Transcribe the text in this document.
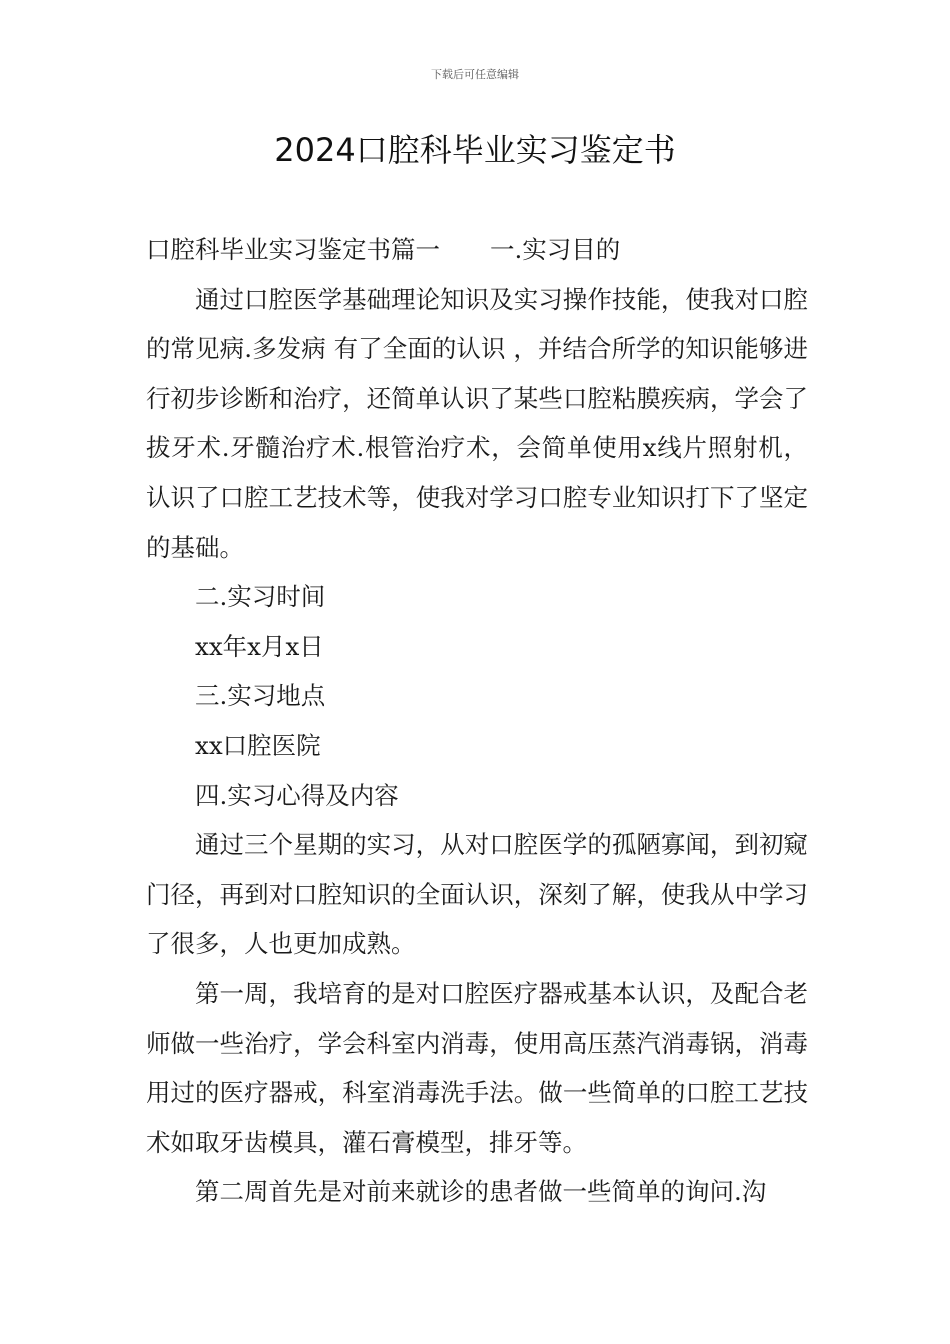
下载后可任意编辑
2024口腔科毕业实习鉴定书

口腔科毕业实习鉴定书篇一 一.实习目的

通过口腔医学基础理论知识及实习操作技能，使我对口腔的常见病.多发病 有了全面的认识 ，并结合所学的知识能够进行初步诊断和治疗，还简单认识了某些口腔粘膜疾病，学会了拔牙术.牙髓治疗术.根管治疗术，会简单使用x线片照射机，认识了口腔工艺技术等，使我对学习口腔专业知识打下了坚定的基础。

二.实习时间

xx年x月x日

三.实习地点

xx口腔医院

四.实习心得及内容

通过三个星期的实习，从对口腔医学的孤陋寡闻，到初窥门径，再到对口腔知识的全面认识，深刻了解，使我从中学习了很多，人也更加成熟。

第一周，我培育的是对口腔医疗器戒基本认识，及配合老师做一些治疗，学会科室内消毒，使用高压蒸汽消毒锅，消毒用过的医疗器戒，科室消毒洗手法。做一些简单的口腔工艺技术如取牙齿模具，灌石膏模型，排牙等。

第二周首先是对前来就诊的患者做一些简单的询问.沟
